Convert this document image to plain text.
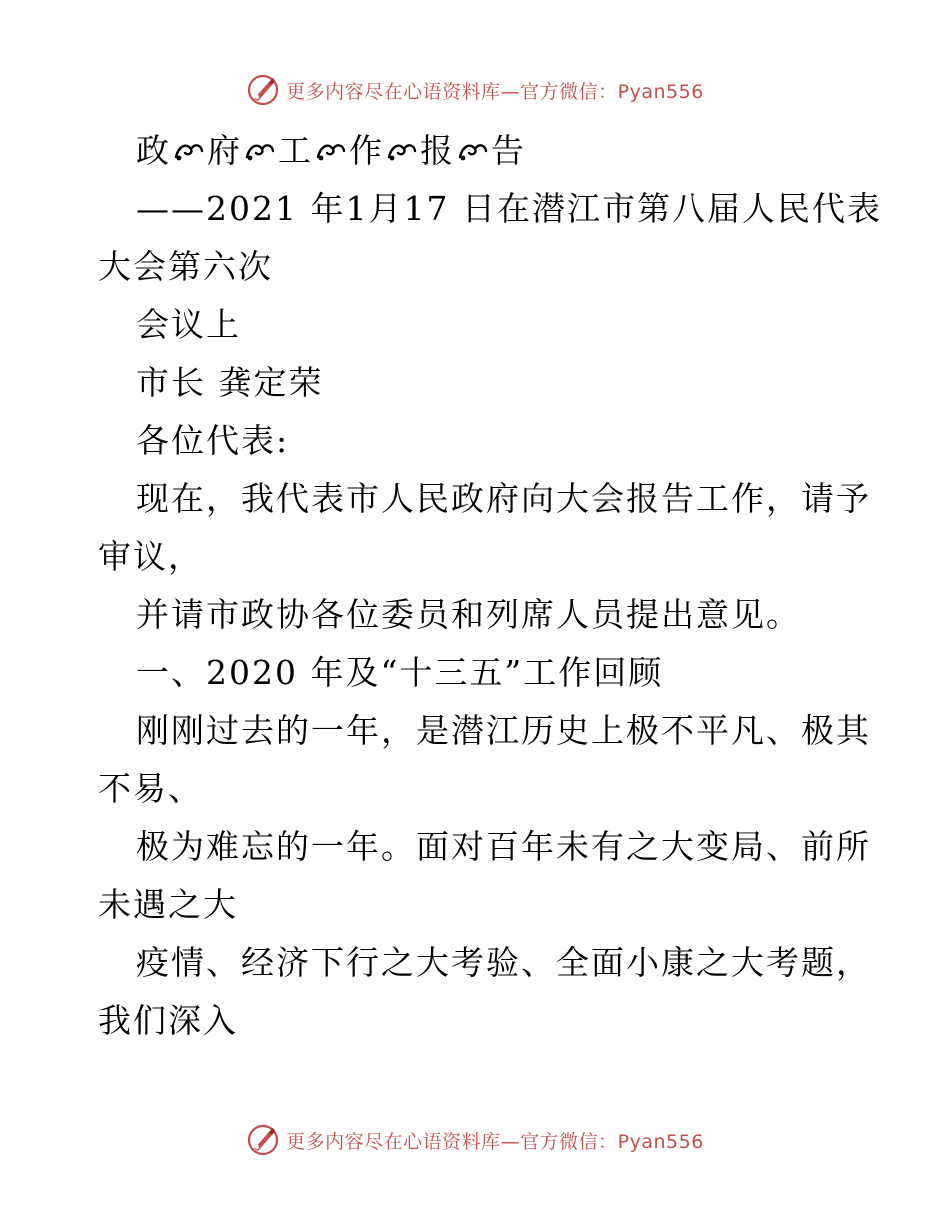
更多内容尽在心语资料库—官方微信：Pyan556
政 府 工 作 报 告
——2021 年1月17 日在潜江市第八届人民代表
大会第六次
会议上
市长 龚定荣
各位代表:
现在，我代表市人民政府向大会报告工作，请予
审议，
并请市政协各位委员和列席人员提出意见。
一、2020 年及“十三五”工作回顾
刚刚过去的一年，是潜江历史上极不平凡、极其
不易、
极为难忘的一年。面对百年未有之大变局、前所
未遇之大
疫情、经济下行之大考验、全面小康之大考题，
我们深入
更多内容尽在心语资料库—官方微信：Pyan556
